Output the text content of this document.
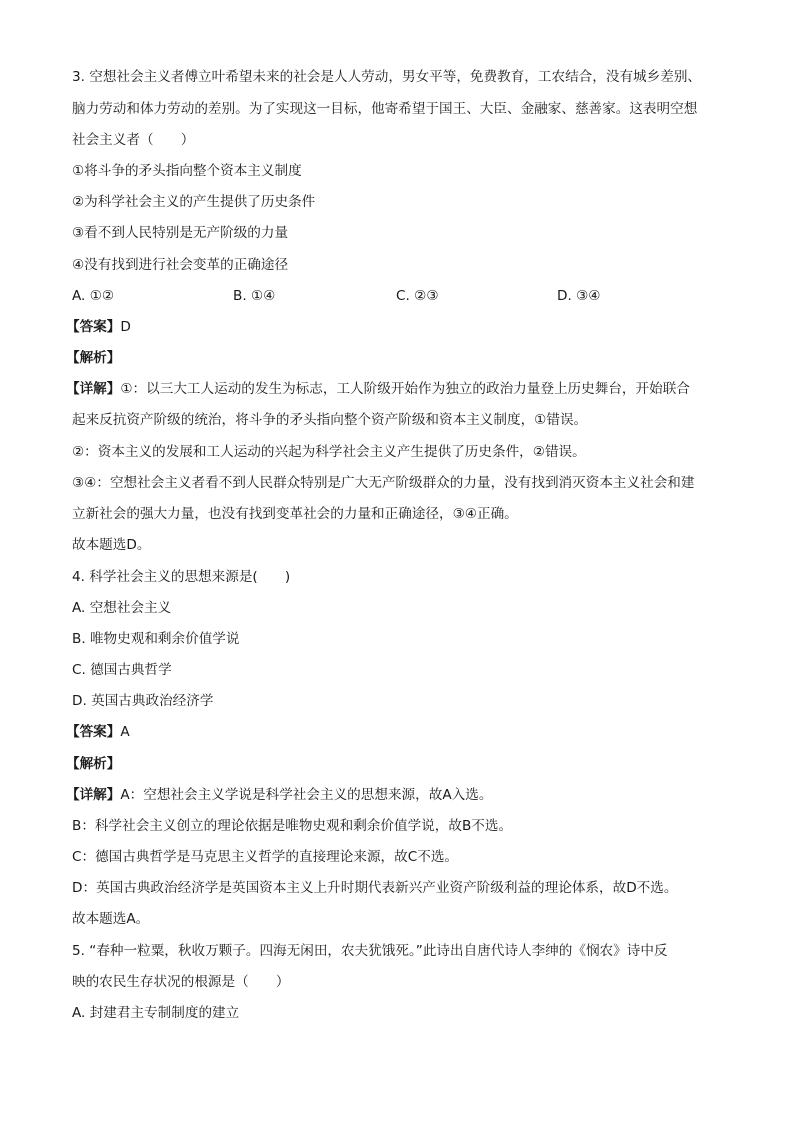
3. 空想社会主义者傅立叶希望未来的社会是人人劳动，男女平等，免费教育，工农结合，没有城乡差别、
脑力劳动和体力劳动的差别。为了实现这一目标，他寄希望于国王、大臣、金融家、慈善家。这表明空想
社会主义者（　　）
①将斗争的矛头指向整个资本主义制度
②为科学社会主义的产生提供了历史条件
③看不到人民特别是无产阶级的力量
④没有找到进行社会变革的正确途径
A. ①②	B. ①④	C. ②③	D. ③④
【答案】D
【解析】
【详解】①：以三大工人运动的发生为标志，工人阶级开始作为独立的政治力量登上历史舞台，开始联合
起来反抗资产阶级的统治，将斗争的矛头指向整个资产阶级和资本主义制度，①错误。
②：资本主义的发展和工人运动的兴起为科学社会主义产生提供了历史条件，②错误。
③④：空想社会主义者看不到人民群众特别是广大无产阶级群众的力量，没有找到消灭资本主义社会和建
立新社会的强大力量，也没有找到变革社会的力量和正确途径，③④正确。
故本题选D。
4. 科学社会主义的思想来源是(　　)
A. 空想社会主义
B. 唯物史观和剩余价值学说
C. 德国古典哲学
D. 英国古典政治经济学
【答案】A
【解析】
【详解】A：空想社会主义学说是科学社会主义的思想来源，故A入选。
B：科学社会主义创立的理论依据是唯物史观和剩余价值学说，故B不选。
C：德国古典哲学是马克思主义哲学的直接理论来源，故C不选。
D：英国古典政治经济学是英国资本主义上升时期代表新兴产业资产阶级利益的理论体系，故D不选。
故本题选A。
5. “春种一粒粟，秋收万颗子。四海无闲田，农夫犹饿死。”此诗出自唐代诗人李绅的《悯农》诗中反
映的农民生存状况的根源是（　　）
A. 封建君主专制制度的建立
